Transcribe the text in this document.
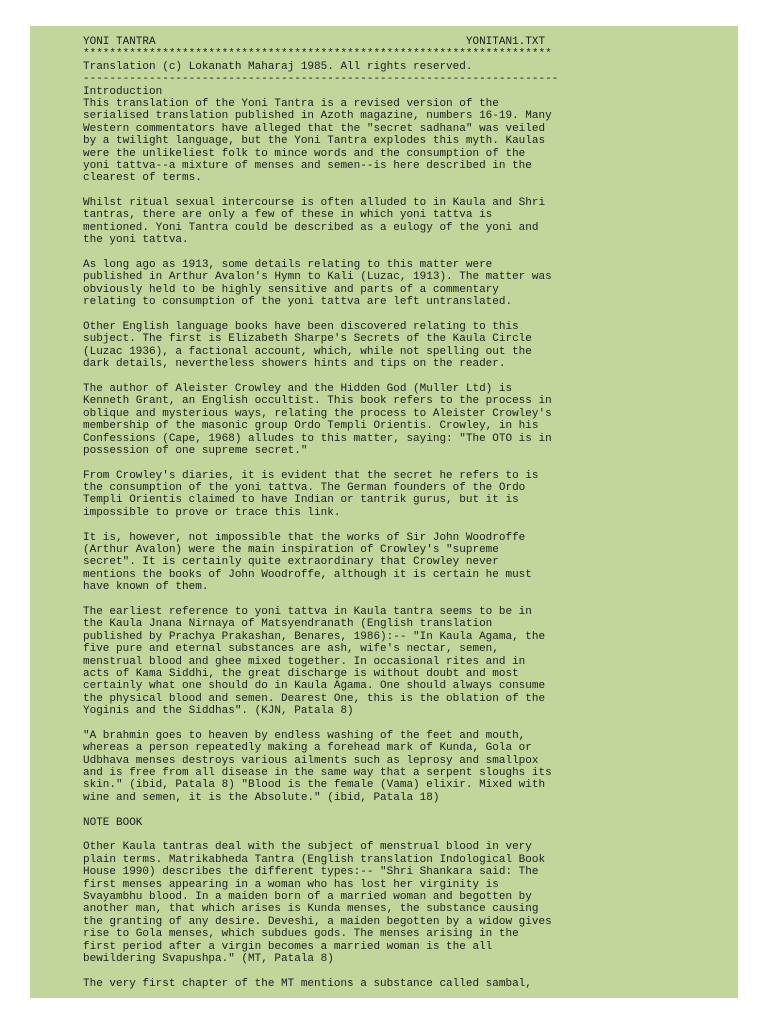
YONI TANTRA                                               YONITAN1.TXT
***********************************************************************
Translation (c) Lokanath Maharaj 1985. All rights reserved.
------------------------------------------------------------------------
Introduction
This translation of the Yoni Tantra is a revised version of the
serialised translation published in Azoth magazine, numbers 16-19. Many
Western commentators have alleged that the "secret sadhana" was veiled
by a twilight language, but the Yoni Tantra explodes this myth. Kaulas
were the unlikeliest folk to mince words and the consumption of the
yoni tattva--a mixture of menses and semen--is here described in the
clearest of terms.
Whilst ritual sexual intercourse is often alluded to in Kaula and Shri
tantras, there are only a few of these in which yoni tattva is
mentioned. Yoni Tantra could be described as a eulogy of the yoni and
the yoni tattva.
As long ago as 1913, some details relating to this matter were
published in Arthur Avalon's Hymn to Kali (Luzac, 1913). The matter was
obviously held to be highly sensitive and parts of a commentary
relating to consumption of the yoni tattva are left untranslated.
Other English language books have been discovered relating to this
subject. The first is Elizabeth Sharpe's Secrets of the Kaula Circle
(Luzac 1936), a factional account, which, while not spelling out the
dark details, nevertheless showers hints and tips on the reader.
The author of Aleister Crowley and the Hidden God (Muller Ltd) is
Kenneth Grant, an English occultist. This book refers to the process in
oblique and mysterious ways, relating the process to Aleister Crowley's
membership of the masonic group Ordo Templi Orientis. Crowley, in his
Confessions (Cape, 1968) alludes to this matter, saying: "The OTO is in
possession of one supreme secret."
From Crowley's diaries, it is evident that the secret he refers to is
the consumption of the yoni tattva. The German founders of the Ordo
Templi Orientis claimed to have Indian or tantrik gurus, but it is
impossible to prove or trace this link.
It is, however, not impossible that the works of Sir John Woodroffe
(Arthur Avalon) were the main inspiration of Crowley's "supreme
secret". It is certainly quite extraordinary that Crowley never
mentions the books of John Woodroffe, although it is certain he must
have known of them.
The earliest reference to yoni tattva in Kaula tantra seems to be in
the Kaula Jnana Nirnaya of Matsyendranath (English translation
published by Prachya Prakashan, Benares, 1986):-- "In Kaula Agama, the
five pure and eternal substances are ash, wife's nectar, semen,
menstrual blood and ghee mixed together. In occasional rites and in
acts of Kama Siddhi, the great discharge is without doubt and most
certainly what one should do in Kaula Agama. One should always consume
the physical blood and semen. Dearest One, this is the oblation of the
Yoginis and the Siddhas". (KJN, Patala 8)
"A brahmin goes to heaven by endless washing of the feet and mouth,
whereas a person repeatedly making a forehead mark of Kunda, Gola or
Udbhava menses destroys various ailments such as leprosy and smallpox
and is free from all disease in the same way that a serpent sloughs its
skin." (ibid, Patala 8) "Blood is the female (Vama) elixir. Mixed with
wine and semen, it is the Absolute." (ibid, Patala 18)
NOTE BOOK
Other Kaula tantras deal with the subject of menstrual blood in very
plain terms. Matrikabheda Tantra (English translation Indological Book
House 1990) describes the different types:-- "Shri Shankara said: The
first menses appearing in a woman who has lost her virginity is
Svayambhu blood. In a maiden born of a married woman and begotten by
another man, that which arises is Kunda menses, the substance causing
the granting of any desire. Deveshi, a maiden begotten by a widow gives
rise to Gola menses, which subdues gods. The menses arising in the
first period after a virgin becomes a married woman is the all
bewildering Svapushpa." (MT, Patala 8)
The very first chapter of the MT mentions a substance called sambal,
